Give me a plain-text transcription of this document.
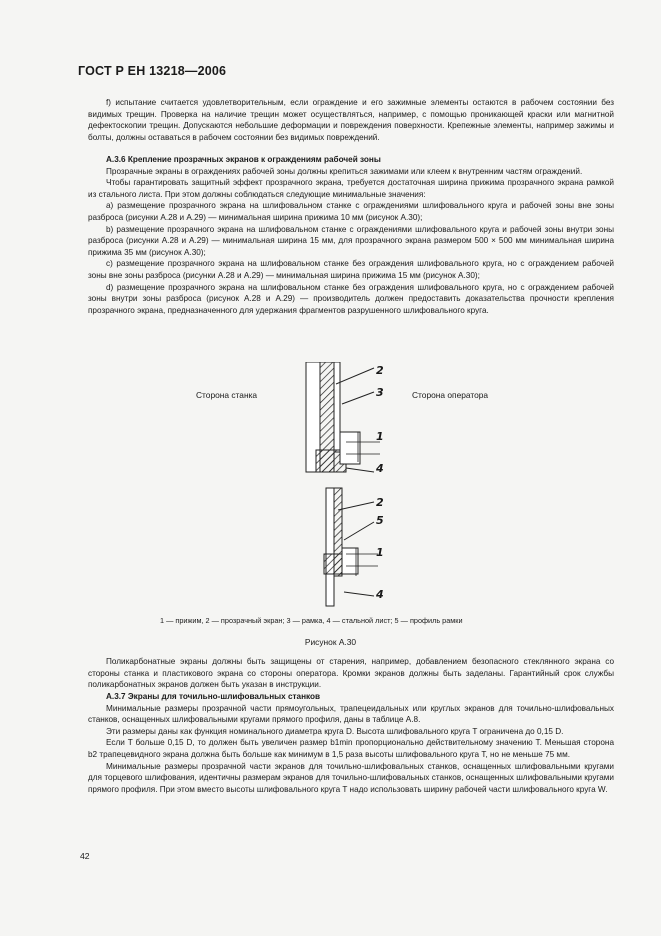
ГОСТ Р ЕН 13218—2006

f) испытание считается удовлетворительным, если ограждение и его зажимные элементы остаются в рабочем состоянии без видимых трещин. Проверка на наличие трещин может осуществляться, например, с помощью проникающей краски или магнитной дефектоскопии трещин. Допускаются небольшие деформации и повреждения поверхности. Крепежные элементы, например зажимы и болты, должны оставаться в рабочем состоянии без видимых повреждений.

А.3.6 Крепление прозрачных экранов к ограждениям рабочей зоны

Прозрачные экраны в ограждениях рабочей зоны должны крепиться зажимами или клеем к внутренним частям ограждений.

Чтобы гарантировать защитный эффект прозрачного экрана, требуется достаточная ширина прижима прозрачного экрана рамкой из стального листа. При этом должны соблюдаться следующие минимальные значения:

a) размещение прозрачного экрана на шлифовальном станке с ограждениями шлифовального круга и рабочей зоны вне зоны разброса (рисунки А.28 и А.29) — минимальная ширина прижима 10 мм (рисунок А.30);

b) размещение прозрачного экрана на шлифовальном станке с ограждениями шлифовального круга и рабочей зоны внутри зоны разброса (рисунки А.28 и А.29) — минимальная ширина 15 мм, для прозрачного экрана размером 500 × 500 мм минимальная ширина прижима 35 мм (рисунок А.30);

c) размещение прозрачного экрана на шлифовальном станке без ограждения шлифовального круга, но с ограждением рабочей зоны вне зоны разброса (рисунки А.28 и А.29) — минимальная ширина прижима 15 мм (рисунок А.30);

d) размещение прозрачного экрана на шлифовальном станке без ограждения шлифовального круга, но с ограждением рабочей зоны внутри зоны разброса (рисунок А.28 и А.29) — производитель должен предоставить доказательства прочности крепления прозрачного экрана, предназначенного для удержания фрагментов разрушенного шлифовального круга.

Сторона станка	Сторона оператора
2
3
1
4
2
5
1
4
1 — прижим, 2 — прозрачный экран; 3 — рамка, 4 — стальной лист; 5 — профиль рамки
Рисунок А.30

Поликарбонатные экраны должны быть защищены от старения, например, добавлением безопасного стеклянного экрана со стороны станка и пластикового экрана со стороны оператора. Кромки экранов должны быть заделаны. Гарантийный срок службы поликарбонатных экранов должен быть указан в инструкции.

А.3.7 Экраны для точильно-шлифовальных станков

Минимальные размеры прозрачной части прямоугольных, трапецеидальных или круглых экранов для точильно-шлифовальных станков, оснащенных шлифовальными кругами прямого профиля, даны в таблице А.8.

Эти размеры даны как функция номинального диаметра круга D. Высота шлифовального круга T ограничена до 0,15 D.

Если T больше 0,15 D, то должен быть увеличен размер b1min пропорционально действительному значению T. Меньшая сторона b2 трапецевидного экрана должна быть больше как минимум в 1,5 раза высоты шлифовального круга T, но не меньше 75 мм.

Минимальные размеры прозрачной части экранов для точильно-шлифовальных станков, оснащенных шлифовальными кругами для торцевого шлифования, идентичны размерам экранов для точильно-шлифовальных станков, оснащенных шлифовальными кругами прямого профиля. При этом вместо высоты шлифовального круга T надо использовать ширину рабочей части шлифовального круга W.

42
